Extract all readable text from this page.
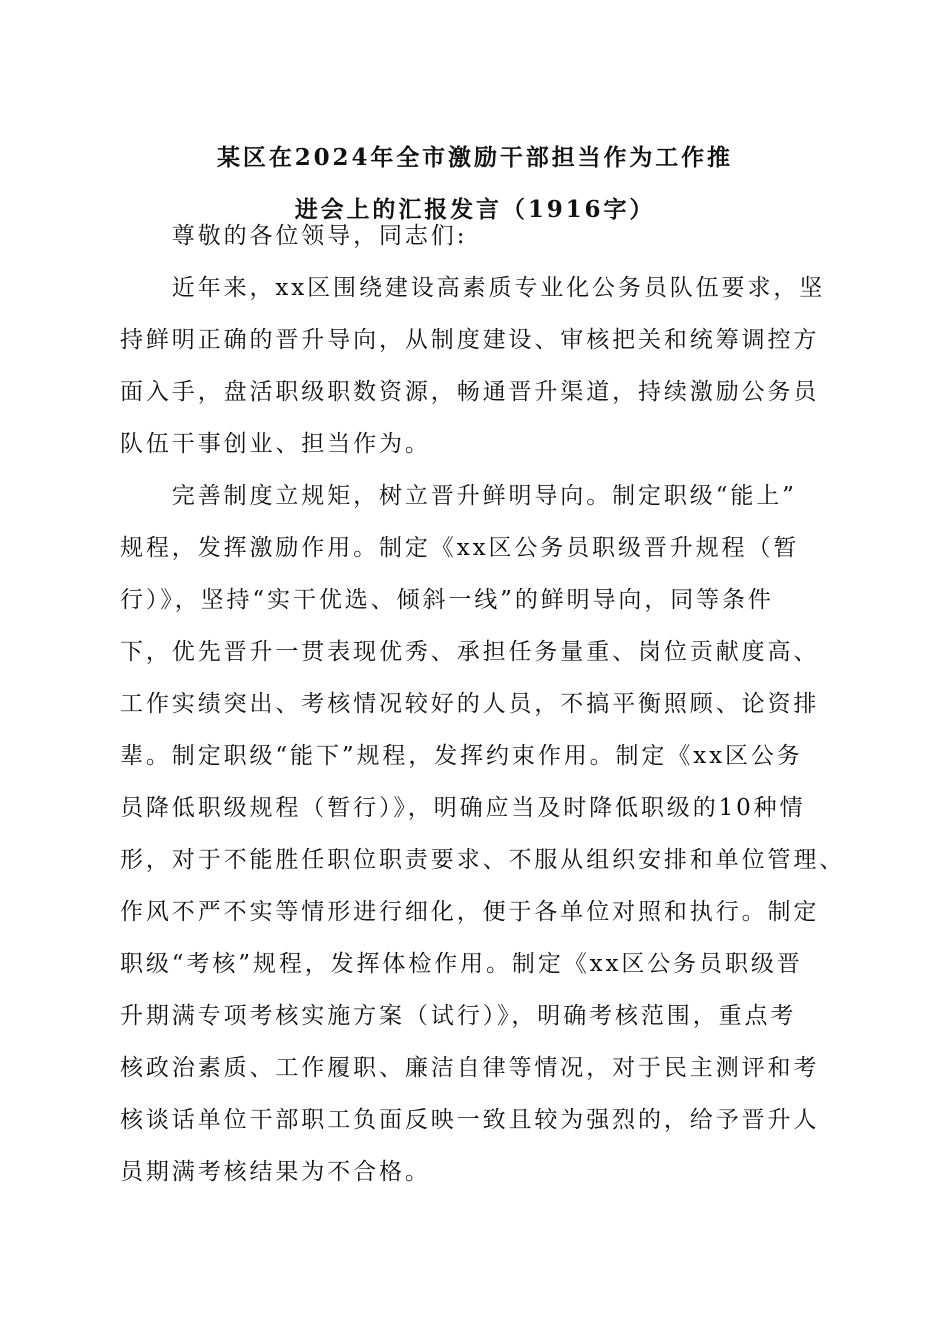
某区在2024年全市激励干部担当作为工作推
进会上的汇报发言（1916字）

　　尊敬的各位领导，同志们:

　　近年来，xx区围绕建设高素质专业化公务员队伍要求，坚
持鲜明正确的晋升导向，从制度建设、审核把关和统筹调控方
面入手，盘活职级职数资源，畅通晋升渠道，持续激励公务员
队伍干事创业、担当作为。

　　完善制度立规矩，树立晋升鲜明导向。制定职级“能上”
规程，发挥激励作用。制定《xx区公务员职级晋升规程（暂
行）》，坚持“实干优选、倾斜一线”的鲜明导向，同等条件
下，优先晋升一贯表现优秀、承担任务量重、岗位贡献度高、
工作实绩突出、考核情况较好的人员，不搞平衡照顾、论资排
辈。制定职级“能下”规程，发挥约束作用。制定《xx区公务
员降低职级规程（暂行）》，明确应当及时降低职级的10种情
形，对于不能胜任职位职责要求、不服从组织安排和单位管理、
作风不严不实等情形进行细化，便于各单位对照和执行。制定
职级“考核”规程，发挥体检作用。制定《xx区公务员职级晋
升期满专项考核实施方案（试行）》，明确考核范围，重点考
核政治素质、工作履职、廉洁自律等情况，对于民主测评和考
核谈话单位干部职工负面反映一致且较为强烈的，给予晋升人
员期满考核结果为不合格。
